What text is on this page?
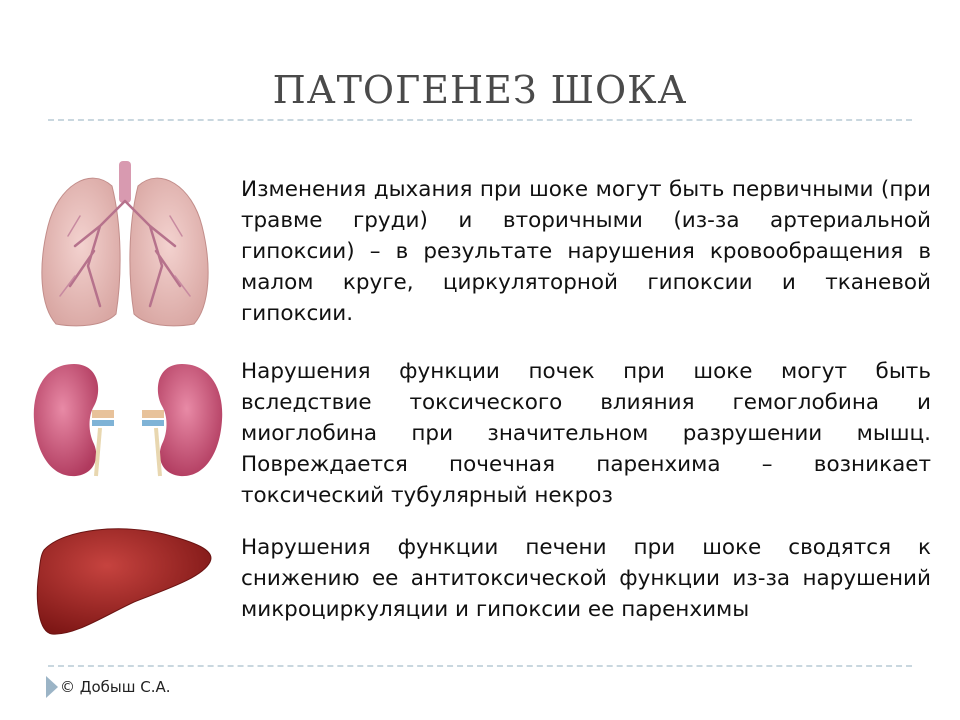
ПАТОГЕНЕЗ ШОКА
Изменения дыхания при шоке могут быть первичными (при травме груди) и вторичными (из-за артериальной гипоксии) – в результате нарушения кровообращения в малом круге, циркуляторной гипоксии и тканевой гипоксии.
Нарушения функции почек при шоке могут быть вследствие токсического влияния гемоглобина и миоглобина при значительном разрушении мышц. Повреждается почечная паренхима – возникает токсический тубулярный некроз
Нарушения функции печени при шоке сводятся к снижению ее антитоксической функции из-за нарушений микроциркуляции и гипоксии ее паренхимы
© Добыш С.А.
